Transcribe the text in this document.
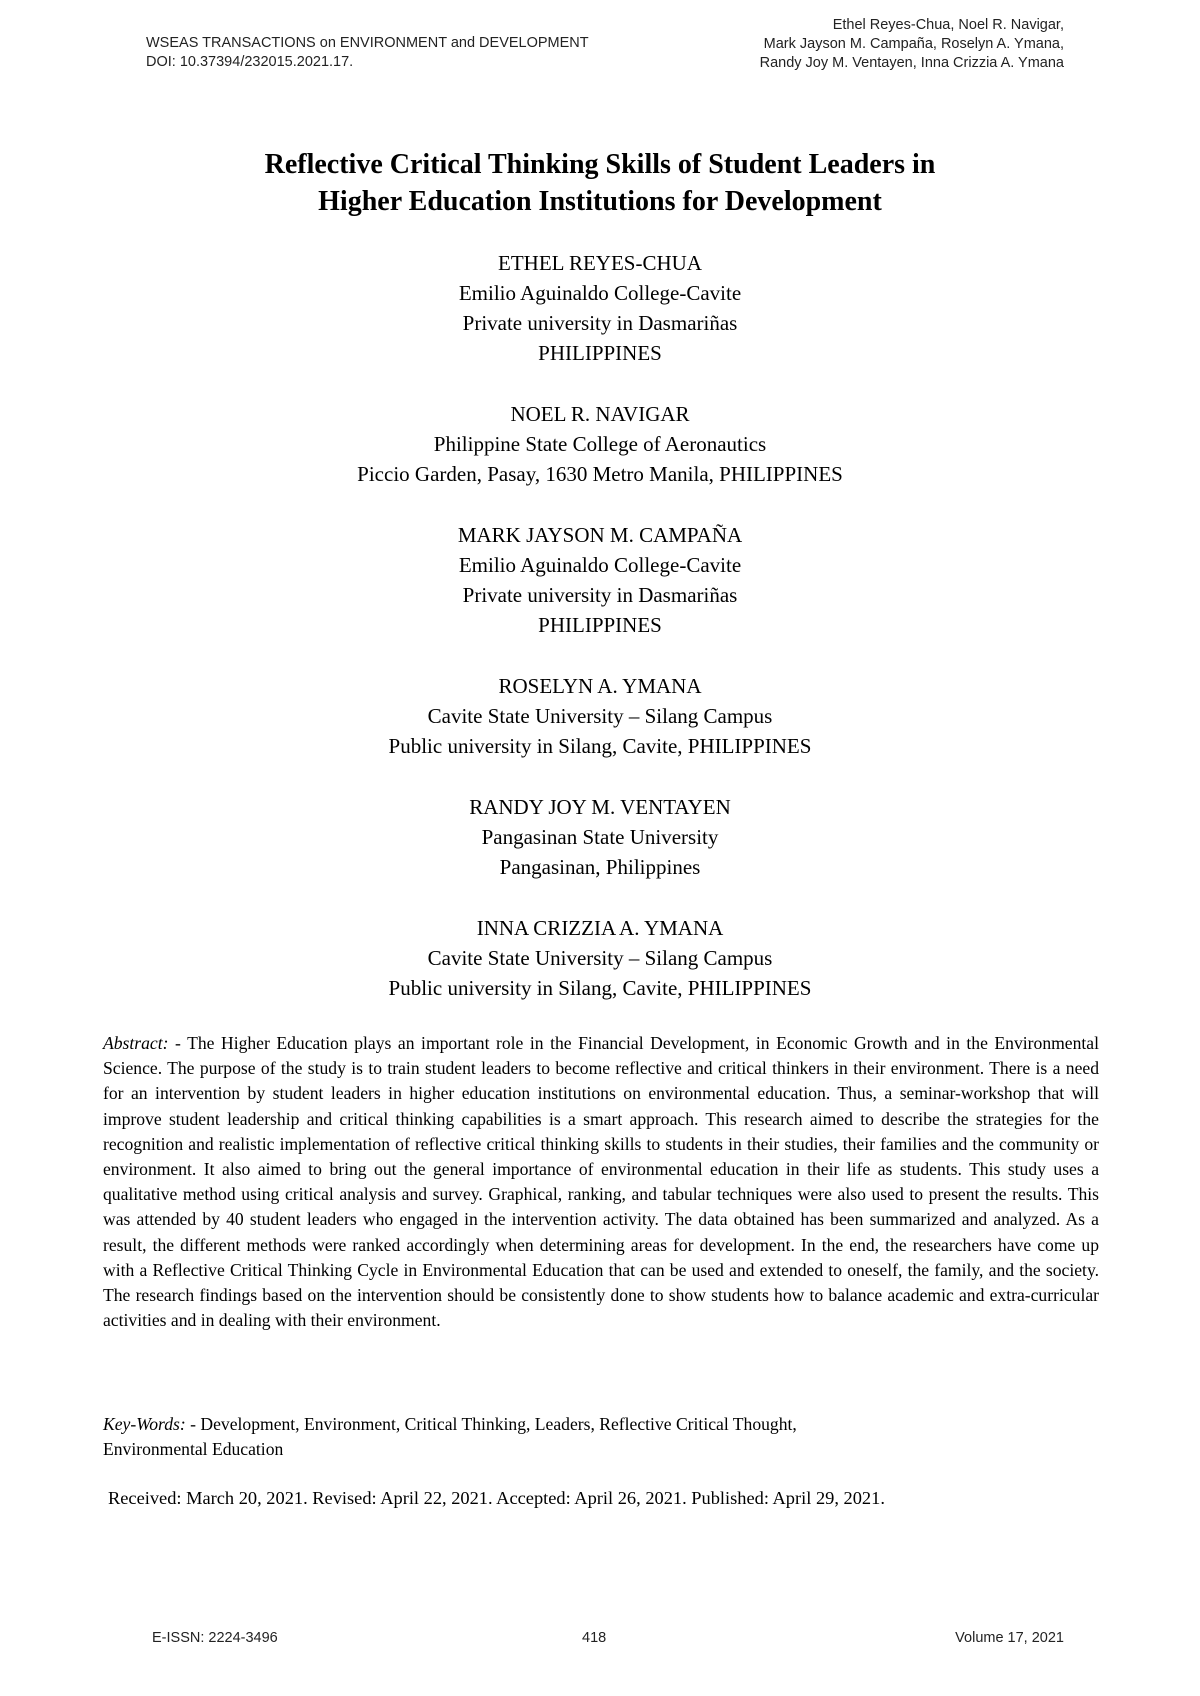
WSEAS TRANSACTIONS on ENVIRONMENT and DEVELOPMENT
DOI: 10.37394/232015.2021.17.
Ethel Reyes-Chua, Noel R. Navigar,
Mark Jayson M. Campaña, Roselyn A. Ymana,
Randy Joy M. Ventayen, Inna Crizzia A. Ymana
Reflective Critical Thinking Skills of Student Leaders in
Higher Education Institutions for Development
ETHEL REYES-CHUA
Emilio Aguinaldo College-Cavite
Private university in Dasmariñas
PHILIPPINES
NOEL R. NAVIGAR
Philippine State College of Aeronautics
Piccio Garden, Pasay, 1630 Metro Manila, PHILIPPINES
MARK JAYSON M. CAMPAÑA
Emilio Aguinaldo College-Cavite
Private university in Dasmariñas
PHILIPPINES
ROSELYN A. YMANA
Cavite State University – Silang Campus
Public university in Silang, Cavite, PHILIPPINES
RANDY JOY M. VENTAYEN
Pangasinan State University
Pangasinan, Philippines
INNA CRIZZIA A. YMANA
Cavite State University – Silang Campus
Public university in Silang, Cavite, PHILIPPINES
Abstract: - The Higher Education plays an important role in the Financial Development, in Economic Growth and in the Environmental Science. The purpose of the study is to train student leaders to become reflective and critical thinkers in their environment. There is a need for an intervention by student leaders in higher education institutions on environmental education. Thus, a seminar-workshop that will improve student leadership and critical thinking capabilities is a smart approach. This research aimed to describe the strategies for the recognition and realistic implementation of reflective critical thinking skills to students in their studies, their families and the community or environment. It also aimed to bring out the general importance of environmental education in their life as students. This study uses a qualitative method using critical analysis and survey. Graphical, ranking, and tabular techniques were also used to present the results. This was attended by 40 student leaders who engaged in the intervention activity. The data obtained has been summarized and analyzed. As a result, the different methods were ranked accordingly when determining areas for development. In the end, the researchers have come up with a Reflective Critical Thinking Cycle in Environmental Education that can be used and extended to oneself, the family, and the society. The research findings based on the intervention should be consistently done to show students how to balance academic and extra-curricular activities and in dealing with their environment.
Key-Words: - Development, Environment, Critical Thinking, Leaders, Reflective Critical Thought,
Environmental Education
Received: March 20, 2021. Revised: April 22, 2021. Accepted: April 26, 2021. Published: April 29, 2021.
E-ISSN: 2224-3496	418	Volume 17, 2021
